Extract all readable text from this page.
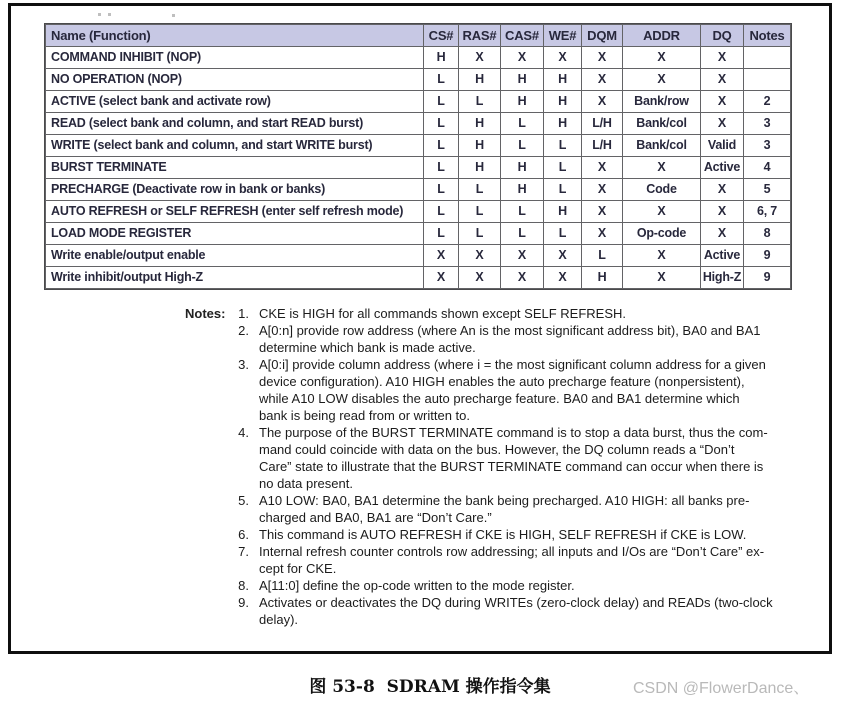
Name (Function)	CS#	RAS#	CAS#	WE#	DQM	ADDR	DQ	Notes
COMMAND INHIBIT (NOP)	H	X	X	X	X	X	X	
NO OPERATION (NOP)	L	H	H	H	X	X	X	
ACTIVE (select bank and activate row)	L	L	H	H	X	Bank/row	X	2
READ (select bank and column, and start READ burst)	L	H	L	H	L/H	Bank/col	X	3
WRITE (select bank and column, and start WRITE burst)	L	H	L	L	L/H	Bank/col	Valid	3
BURST TERMINATE	L	H	H	L	X	X	Active	4
PRECHARGE (Deactivate row in bank or banks)	L	L	H	L	X	Code	X	5
AUTO REFRESH or SELF REFRESH (enter self refresh mode)	L	L	L	H	X	X	X	6, 7
LOAD MODE REGISTER	L	L	L	L	X	Op-code	X	8
Write enable/output enable	X	X	X	X	L	X	Active	9
Write inhibit/output High-Z	X	X	X	X	H	X	High-Z	9
Notes: 1. CKE is HIGH for all commands shown except SELF REFRESH.
2. A[0:n] provide row address (where An is the most significant address bit), BA0 and BA1
determine which bank is made active.
3. A[0:i] provide column address (where i = the most significant column address for a given
device configuration). A10 HIGH enables the auto precharge feature (nonpersistent),
while A10 LOW disables the auto precharge feature. BA0 and BA1 determine which
bank is being read from or written to.
4. The purpose of the BURST TERMINATE command is to stop a data burst, thus the com-
mand could coincide with data on the bus. However, the DQ column reads a “Don’t
Care” state to illustrate that the BURST TERMINATE command can occur when there is
no data present.
5. A10 LOW: BA0, BA1 determine the bank being precharged. A10 HIGH: all banks pre-
charged and BA0, BA1 are “Don’t Care.”
6. This command is AUTO REFRESH if CKE is HIGH, SELF REFRESH if CKE is LOW.
7. Internal refresh counter controls row addressing; all inputs and I/Os are “Don’t Care” ex-
cept for CKE.
8. A[11:0] define the op-code written to the mode register.
9. Activates or deactivates the DQ during WRITEs (zero-clock delay) and READs (two-clock
delay).
图 53-8  SDRAM 操作指令集	CSDN @FlowerDance、
